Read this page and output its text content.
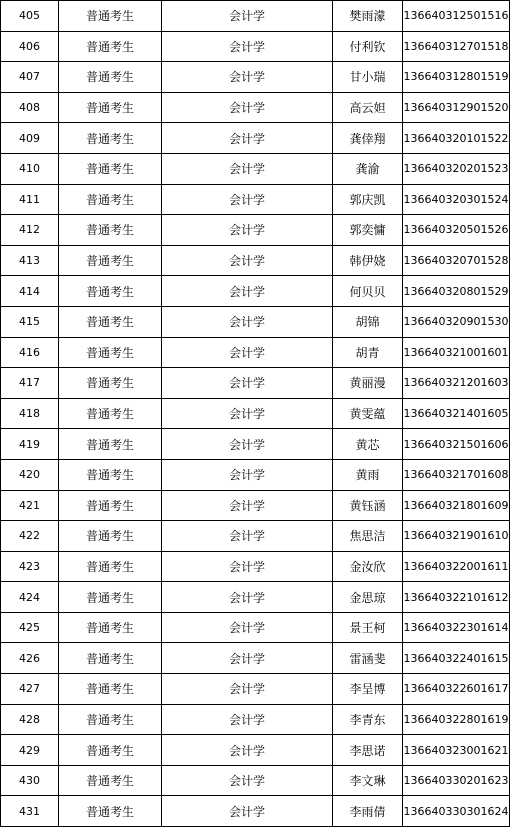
405	普通考生	会计学	樊雨濛	136640312501516
406	普通考生	会计学	付利钦	136640312701518
407	普通考生	会计学	甘小瑞	136640312801519
408	普通考生	会计学	高云妲	136640312901520
409	普通考生	会计学	龚倖翔	136640320101522
410	普通考生	会计学	龚渝	136640320201523
411	普通考生	会计学	郭庆凯	136640320301524
412	普通考生	会计学	郭奕慵	136640320501526
413	普通考生	会计学	韩伊娆	136640320701528
414	普通考生	会计学	何贝贝	136640320801529
415	普通考生	会计学	胡锦	136640320901530
416	普通考生	会计学	胡青	136640321001601
417	普通考生	会计学	黄丽漫	136640321201603
418	普通考生	会计学	黄雯蕴	136640321401605
419	普通考生	会计学	黄芯	136640321501606
420	普通考生	会计学	黄雨	136640321701608
421	普通考生	会计学	黄钰涵	136640321801609
422	普通考生	会计学	焦思洁	136640321901610
423	普通考生	会计学	金汝欣	136640322001611
424	普通考生	会计学	金思琼	136640322101612
425	普通考生	会计学	景王柯	136640322301614
426	普通考生	会计学	雷涵斐	136640322401615
427	普通考生	会计学	李呈博	136640322601617
428	普通考生	会计学	李青东	136640322801619
429	普通考生	会计学	李思诺	136640323001621
430	普通考生	会计学	李文琳	136640330201623
431	普通考生	会计学	李雨倩	136640330301624
